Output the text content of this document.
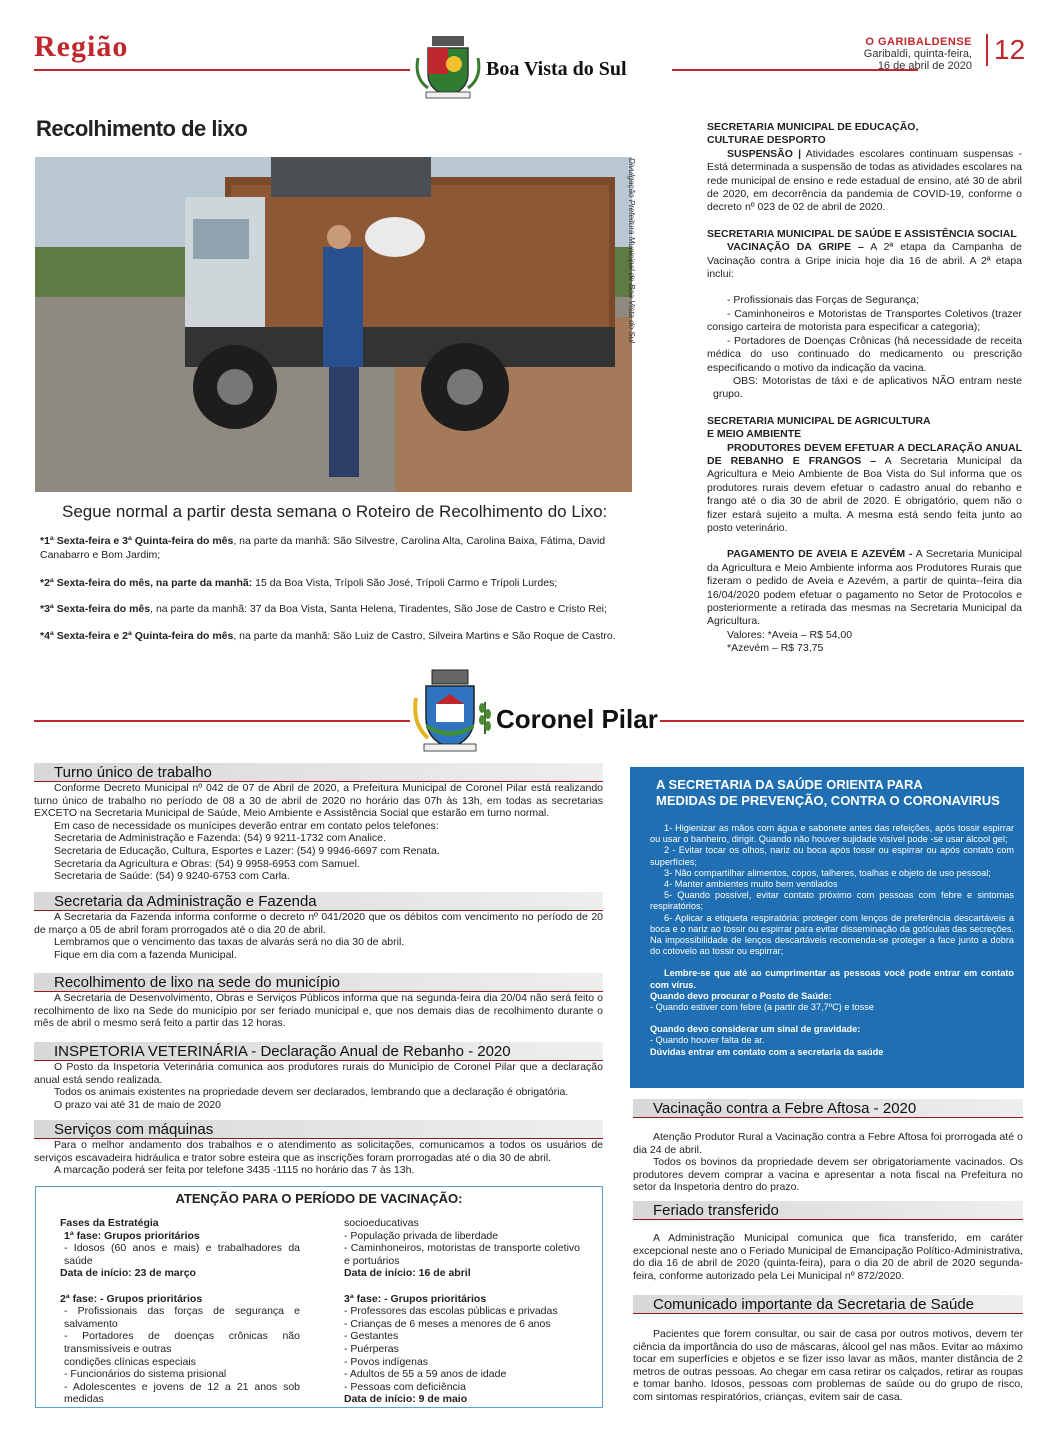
Região
Boa Vista do Sul
O GARIBALDENSE
Garibaldi, quinta-feira,
16 de abril de 2020
12
Recolhimento de lixo
Divulgação Prefeitura Municipal de Boa Vista do Sul
Segue normal a partir desta semana o Roteiro de Recolhimento do Lixo:
*1ª Sexta-feira e 3ª Quinta-feira do mês, na parte da manhã: São Silvestre, Carolina Alta, Carolina Baixa, Fátima, David Canabarro e Bom Jardim;
*2ª Sexta-feira do mês, na parte da manhã: 15 da Boa Vista, Trípoli São José, Trípoli Carmo e Trípoli Lurdes;
*3ª Sexta-feira do mês, na parte da manhã: 37 da Boa Vista, Santa Helena, Tiradentes, São Jose de Castro e Cristo Rei;
*4ª Sexta-feira e 2ª Quinta-feira do mês, na parte da manhã: São Luiz de Castro, Silveira Martins e São Roque de Castro.

SECRETARIA MUNICIPAL DE EDUCAÇÃO,

CULTURAE DESPORTO

SUSPENSÃO | Atividades escolares continuam suspensas - Está determinada a suspensão de todas as atividades escolares na rede municipal de ensino e rede estadual de ensino, até 30 de abril de 2020, em decorrência da pandemia de COVID-19, conforme o decreto nº 023 de 02 de abril de 2020.

SECRETARIA MUNICIPAL DE SAÚDE E ASSISTÊNCIA SOCIAL

VACINAÇÃO DA GRIPE – A 2ª etapa da Campanha de Vacinação contra a Gripe inicia hoje dia 16 de abril. A 2ª etapa inclui:

- Profissionais das Forças de Segurança;

- Caminhoneiros e Motoristas de Transportes Coletivos (trazer consigo carteira de motorista para especificar a categoria);

- Portadores de Doenças Crônicas (há necessidade de receita médica do uso continuado do medicamento ou prescrição especificando o motivo da indicação da vacina.

OBS: Motoristas de táxi e de aplicativos NÃO entram neste grupo.

SECRETARIA MUNICIPAL DE AGRICULTURA

E MEIO AMBIENTE

PRODUTORES DEVEM EFETUAR A DECLARAÇÃO ANUAL DE REBANHO E FRANGOS – A Secretaria Municipal da Agricultura e Meio Ambiente de Boa Vista do Sul informa que os produtores rurais devem efetuar o cadastro anual do rebanho e frango até o dia 30 de abril de 2020. É obrigatório, quem não o fizer estará sujeito a multa. A mesma está sendo feita junto ao posto veterinário.

PAGAMENTO DE AVEIA E AZEVÉM - A Secretaria Municipal da Agricultura e Meio Ambiente informa aos Produtores Rurais que fizeram o pedido de Aveia e Azevém, a partir de quinta--feira dia 16/04/2020 podem efetuar o pagamento no Setor de Protocolos e posteriormente a retirada das mesmas na Secretaria Municipal da Agricultura.

Valores: *Aveia – R$ 54,00

*Azevém – R$ 73,75

Coronel Pilar
Turno único de trabalho

Conforme Decreto Municipal nº 042 de 07 de Abril de 2020, a Prefeitura Municipal de Coronel Pilar está realizando turno único de trabalho no período de 08 a 30 de abril de 2020 no horário das 07h às 13h, em todas as secretarias EXCETO na Secretaria Municipal de Saúde, Meio Ambiente e Assistência Social que estarão em turno normal.

Em caso de necessidade os munícipes deverão entrar em contato pelos telefones:

Secretaria de Administração e Fazenda: (54) 9 9211-1732 com Analice.

Secretaria de Educação, Cultura, Esportes e Lazer: (54) 9 9946-6697 com Renata.

Secretaria da Agricultura e Obras: (54) 9 9958-6953 com Samuel.

Secretaria de Saúde: (54) 9 9240-6753 com Carla.

Secretaria da Administração e Fazenda

A Secretaria da Fazenda informa conforme o decreto nº 041/2020 que os débitos com vencimento no período de 20 de março a 05 de abril foram prorrogados até o dia 20 de abril.

Lembramos que o vencimento das taxas de alvarás será no dia 30 de abril.

Fique em dia com a fazenda Municipal.

Recolhimento de lixo na sede do município

A Secretaria de Desenvolvimento, Obras e Serviços Públicos informa que na segunda-feira dia 20/04 não será feito o recolhimento de lixo na Sede do município por ser feriado municipal e, que nos demais dias de recolhimento durante o mês de abril o mesmo será feito a partir das 12 horas.

INSPETORIA VETERINÁRIA - Declaração Anual de Rebanho - 2020

O Posto da Inspetoria Veterinária comunica aos produtores rurais do Município de Coronel Pilar que a declaração anual está sendo realizada.

Todos os animais existentes na propriedade devem ser declarados, lembrando que a declaração é obrigatória.

O prazo vai até 31 de maio de 2020

Serviços com máquinas

Para o melhor andamento dos trabalhos e o atendimento as solicitações, comunicamos a todos os usuários de serviços escavadeira hidráulica e trator sobre esteira que as inscrições foram prorrogadas até o dia 30 de abril.

A marcação poderá ser feita por telefone 3435 -1115 no horário das 7 às 13h.

ATENÇÃO PARA O PERÍODO DE VACINAÇÃO:

Fases da Estratégia

1ª fase: Grupos prioritários

- Idosos (60 anos e mais) e trabalhadores da saúde

Data de início: 23 de março

2ª fase: - Grupos prioritários

- Profissionais das forças de segurança e salvamento

- Portadores de doenças crônicas não transmissíveis e outras

condições clínicas especiais

- Funcionários do sistema prisional

- Adolescentes e jovens de 12 a 21 anos sob medidas

socioeducativas

- População privada de liberdade

- Caminhoneiros, motoristas de transporte coletivo e portuários

Data de início: 16 de abril

3ª fase: - Grupos prioritários

- Professores das escolas públicas e privadas

- Crianças de 6 meses a menores de 6 anos

- Gestantes

- Puérperas

- Povos indígenas

- Adultos de 55 a 59 anos de idade

- Pessoas com deficiência

Data de início: 9 de maio

A SECRETARIA DA SAÚDE ORIENTA PARA
MEDIDAS DE PREVENÇÃO, CONTRA O CORONAVIRUS

1- Higienizar as mãos com água e sabonete antes das refeições, após tossir espirrar ou usar o banheiro, dirigir. Quando não houver sujidade visível pode -se usar álcool gel;

2 - Evitar tocar os olhos, nariz ou boca após tossir ou espirrar ou após contato com superfícies;

3- Não compartilhar alimentos, copos, talheres, toalhas e objeto de uso pessoal;

4- Manter ambientes muito bem ventilados

5- Quando possível, evitar contato próximo com pessoas com febre e sintomas respiratórios;

6- Aplicar a etiqueta respiratória: proteger com lenços de preferência descartáveis a boca e o nariz ao tossir ou espirrar para evitar disseminação da gotículas das secreções. Na impossibilidade de lenços descartáveis recomenda-se proteger a face junto a dobra do cotovelo ao tossir ou espirrar;

Lembre-se que até ao cumprimentar as pessoas você pode entrar em contato com vírus.

Quando devo procurar o Posto de Saúde:

- Quando estiver com febre (a partir de 37,7ºC) e tosse

Quando devo considerar um sinal de gravidade:

- Quando houver falta de ar.

Dúvidas entrar em contato com a secretaria da saúde

Vacinação contra a Febre Aftosa - 2020

Atenção Produtor Rural a Vacinação contra a Febre Aftosa foi prorrogada até o dia 24 de abril.

Todos os bovinos da propriedade devem ser obrigatoriamente vacinados. Os produtores devem comprar a vacina e apresentar a nota fiscal na Prefeitura no setor da Inspetoria dentro do prazo.

Feriado transferido

A Administração Municipal comunica que fica transferido, em caráter excepcional neste ano o Feriado Municipal de Emancipação Político-Administrativa, do dia 16 de abril de 2020 (quinta-feira), para o dia 20 de abril de 2020 segunda-feira, conforme autorizado pela Lei Municipal nº 872/2020.

Comunicado importante da Secretaria de Saúde

Pacientes que forem consultar, ou sair de casa por outros motivos, devem ter ciência da importância do uso de máscaras, álcool gel nas mãos. Evitar ao máximo tocar em superfícies e objetos e se fizer isso lavar as mãos, manter distância de 2 metros de outras pessoas. Ao chegar em casa retirar os calçados, retirar as roupas e tomar banho. Idosos, pessoas com problemas de saúde ou do grupo de risco, com sintomas respiratórios, crianças, evitem sair de casa.
